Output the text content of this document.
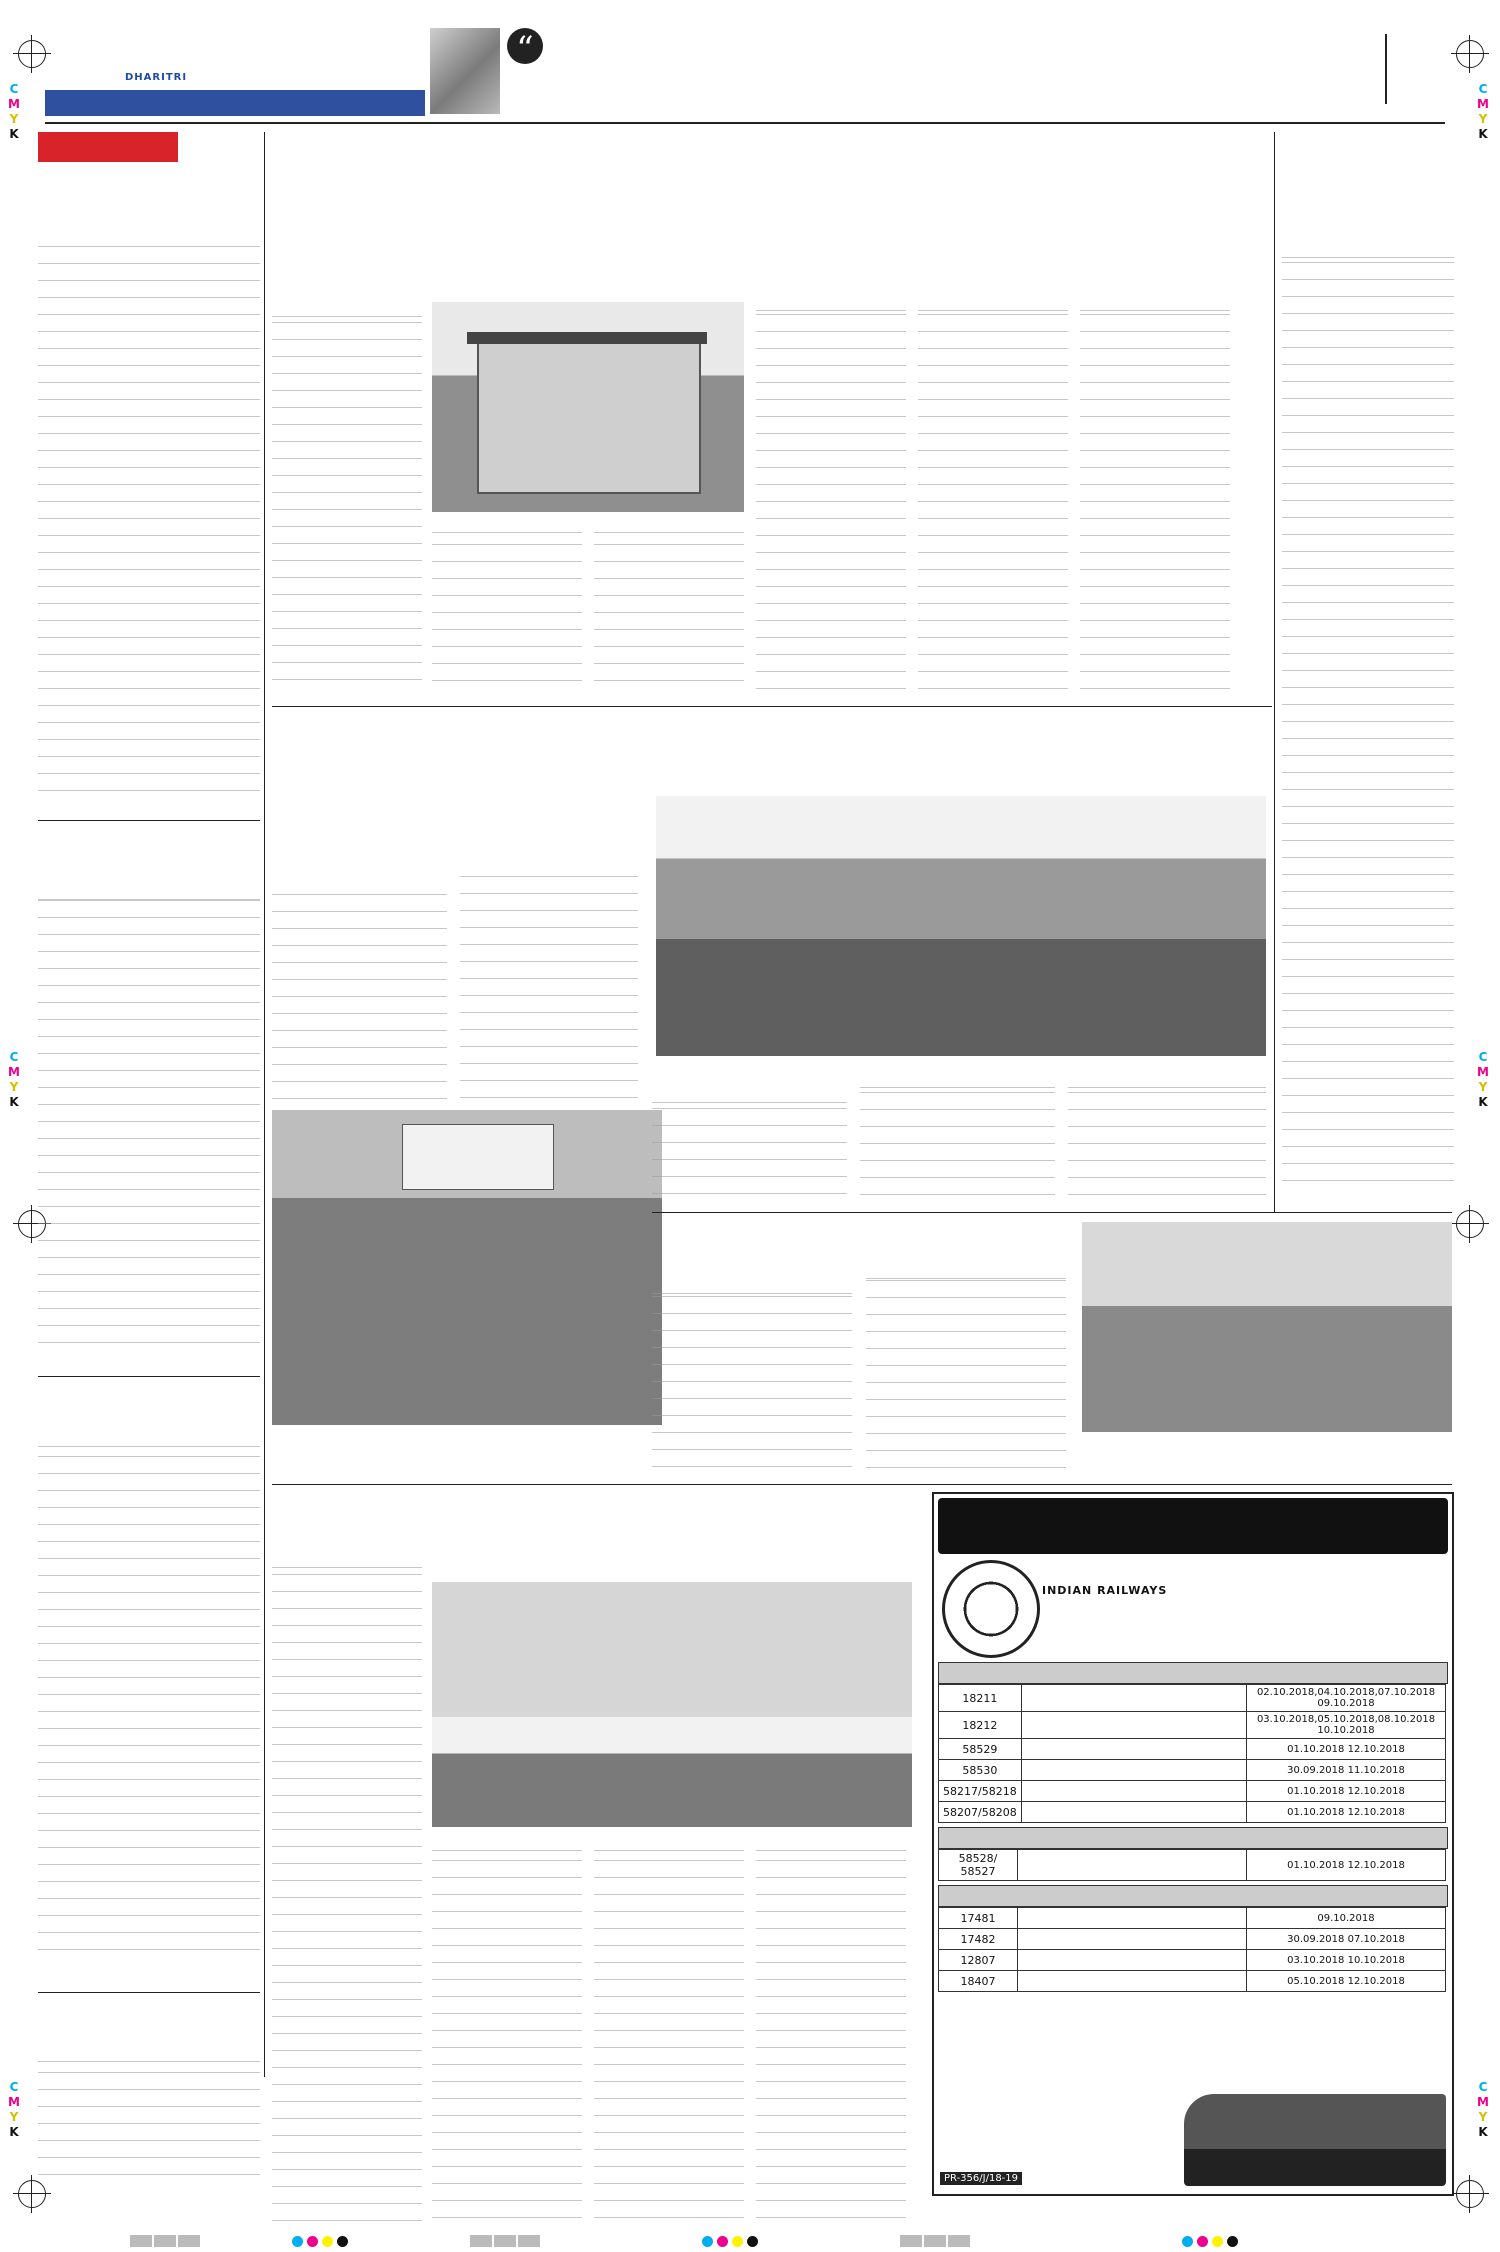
C
M
Y
K
C
M
Y
K
C
M
Y
K
C
M
Y
K
C
M
Y
K
C
M
Y
K
DHARITRI
“
INDIAN RAILWAYS
18211		02.10.2018,04.10.2018,07.10.2018 09.10.2018
18212		03.10.2018,05.10.2018,08.10.2018 10.10.2018
58529		01.10.2018 12.10.2018
58530		30.09.2018 11.10.2018
58217/58218		01.10.2018 12.10.2018
58207/58208		01.10.2018 12.10.2018
58528/ 58527		01.10.2018 12.10.2018
17481		09.10.2018
17482		30.09.2018 07.10.2018
12807		03.10.2018 10.10.2018
18407		05.10.2018 12.10.2018
PR-356/J/18-19
